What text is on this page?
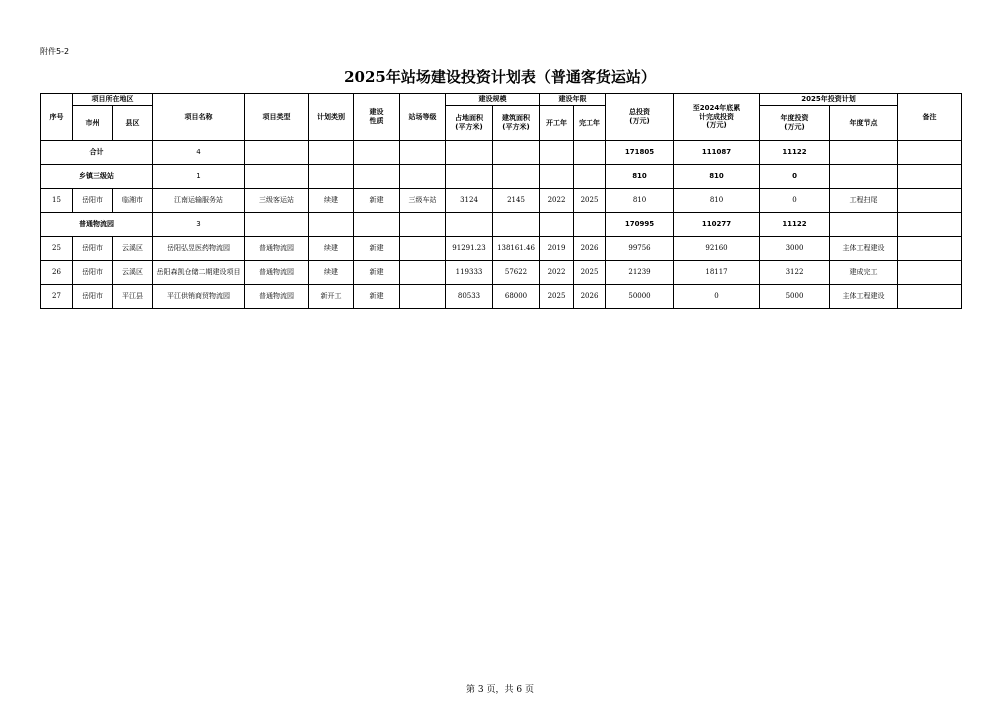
附件5-2
2025年站场建设投资计划表（普通客货运站）
序号	项目所在地区		项目名称	项目类型	计划类别	建设
性质	站场等级	建设规模		建设年限		总投资
(万元)	至2024年底累
计完成投资
(万元)	2025年投资计划		备注
	市州	县区						占地面积
(平方米)	建筑面积
(平方米)	开工年	完工年			年度投资
(万元)	年度节点	
合计			4									171805	111087	11122		
乡镇三级站			1									810	810	0		
15	岳阳市	临湘市	江南运输服务站	三级客运站	续建	新建	三级车站	3124	2145	2022	2025	810	810	0	工程扫尾	
普通物流园			3									170995	110277	11122		
25	岳阳市	云溪区	岳阳弘昱医药物流园	普通物流园	续建	新建		91291.23	138161.46	2019	2026	99756	92160	3000	主体工程建设	
26	岳阳市	云溪区	岳阳森凯仓储二期建设项目	普通物流园	续建	新建		119333	57622	2022	2025	21239	18117	3122	建成完工	
27	岳阳市	平江县	平江供销商贸物流园	普通物流园	新开工	新建		80533	68000	2025	2026	50000	0	5000	主体工程建设	
第 3 页，共 6 页
